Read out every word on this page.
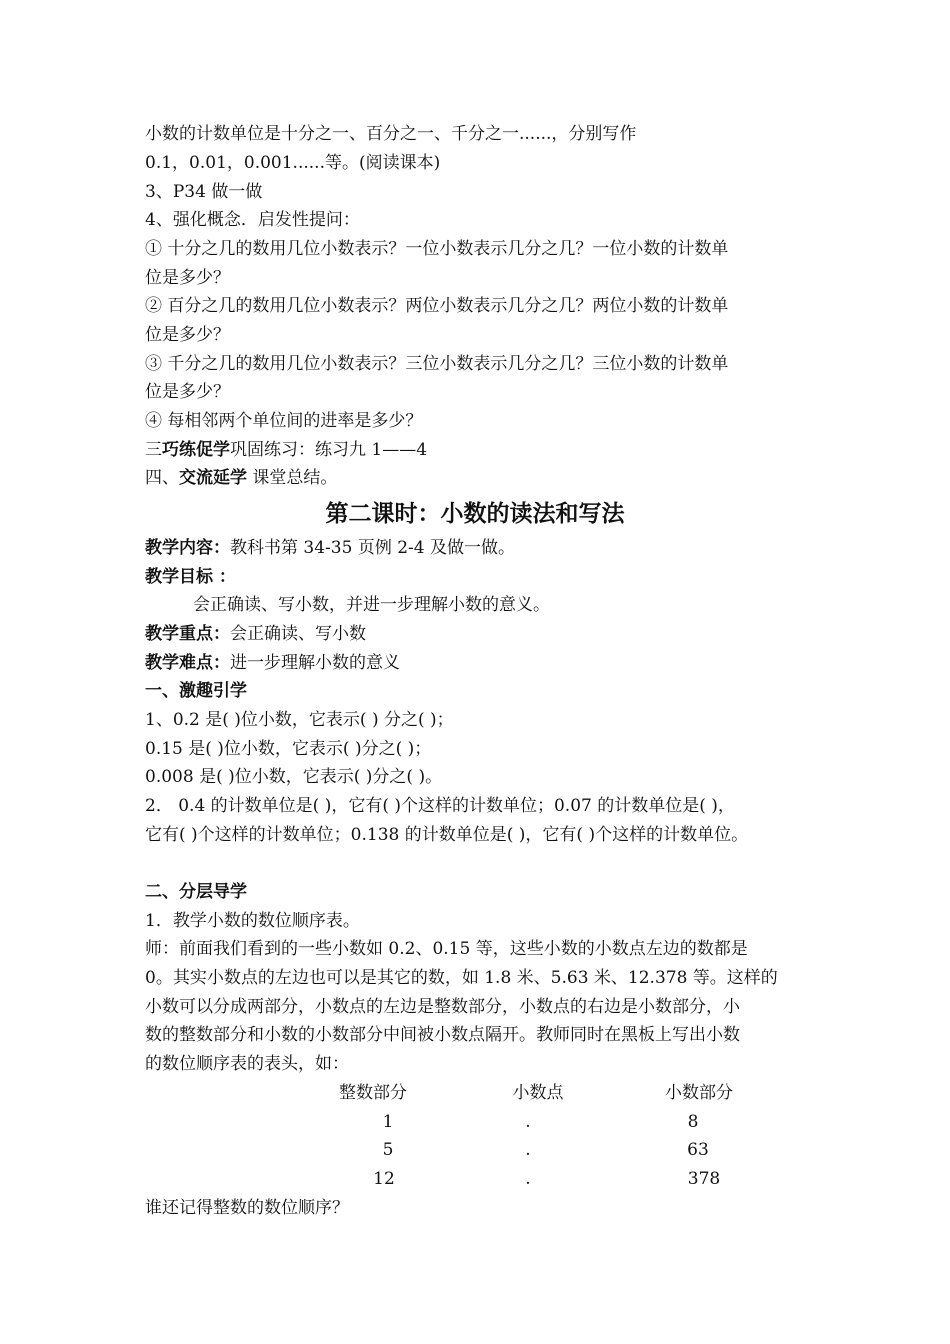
小数的计数单位是十分之一、百分之一、千分之一......，分别写作
0.1，0.01，0.001......等。(阅读课本)
3、P34 做一做
4、强化概念．启发性提问：
① 十分之几的数用几位小数表示？一位小数表示几分之几？一位小数的计数单
位是多少？
② 百分之几的数用几位小数表示？两位小数表示几分之几？两位小数的计数单
位是多少？
③ 千分之几的数用几位小数表示？三位小数表示几分之几？三位小数的计数单
位是多少？
④ 每相邻两个单位间的进率是多少？
三巧练促学巩固练习：练习九 1——4
四、交流延学 课堂总结。
第二课时：小数的读法和写法
教学内容：教科书第 34-35 页例 2-4 及做一做。
教学目标 ：
会正确读、写小数，并进一步理解小数的意义。
教学重点：会正确读、写小数
教学难点：进一步理解小数的意义
一、激趣引学
1、0.2 是( )位小数，它表示( ) 分之( )；
0.15 是( )位小数，它表示( )分之( )；
0.008 是( )位小数，它表示( )分之( )。
2． 0.4 的计数单位是( )，它有( )个这样的计数单位；0.07 的计数单位是( )，
它有( )个这样的计数单位；0.138 的计数单位是( )，它有( )个这样的计数单位。
二、分层导学
1．教学小数的数位顺序表。
师：前面我们看到的一些小数如 0.2、0.15 等，这些小数的小数点左边的数都是
0。其实小数点的左边也可以是其它的数，如 1.8 米、5.63 米、12.378 等。这样的
小数可以分成两部分，小数点的左边是整数部分，小数点的右边是小数部分，小
数的整数部分和小数的小数部分中间被小数点隔开。教师同时在黑板上写出小数
的数位顺序表的表头，如：
整数部分	小数点	小数部分
1	.	8
5	.	63
12	.	378
谁还记得整数的数位顺序？
